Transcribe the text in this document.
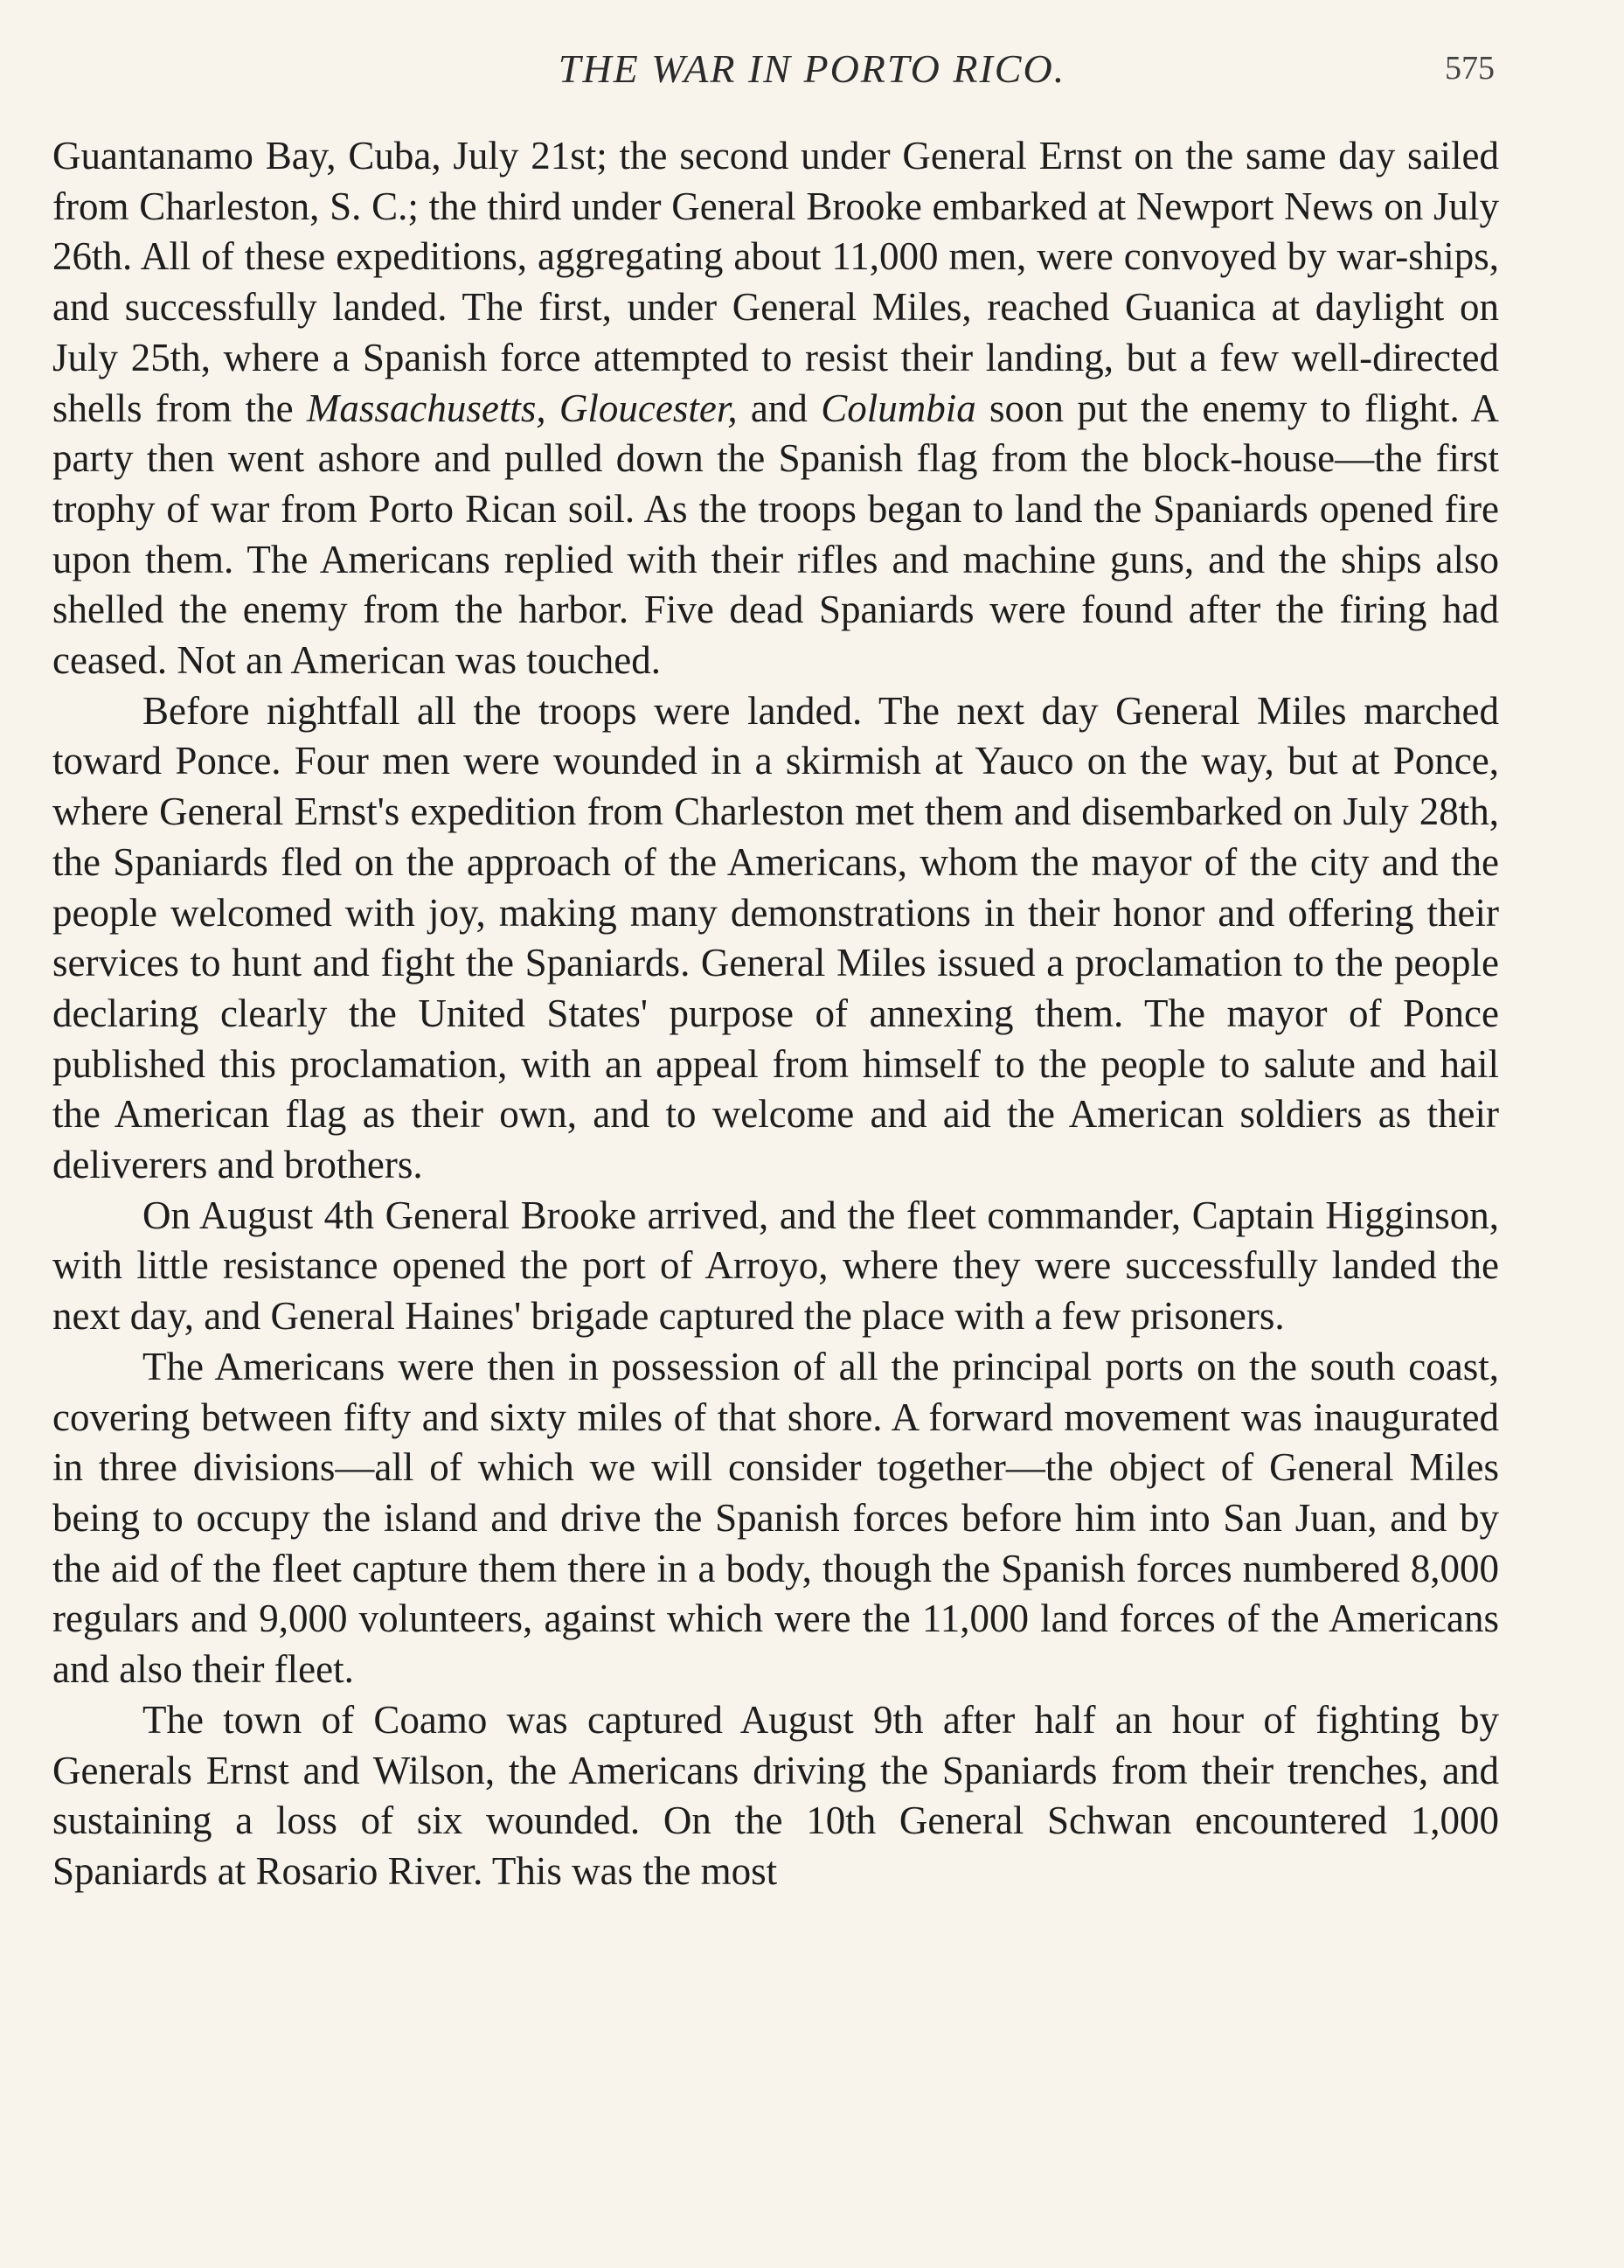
THE WAR IN PORTO RICO.	575

Guantanamo Bay, Cuba, July 21st; the second under General Ernst on the same day sailed from Charleston, S. C.; the third under General Brooke embarked at Newport News on July 26th. All of these expeditions, aggregating about 11,000 men, were convoyed by war-ships, and successfully landed. The first, under General Miles, reached Guanica at daylight on July 25th, where a Spanish force attempted to resist their landing, but a few well-directed shells from the Massachusetts, Gloucester, and Columbia soon put the enemy to flight. A party then went ashore and pulled down the Spanish flag from the block-house—the first trophy of war from Porto Rican soil. As the troops began to land the Spaniards opened fire upon them. The Americans replied with their rifles and machine guns, and the ships also shelled the enemy from the harbor. Five dead Spaniards were found after the firing had ceased. Not an American was touched.

Before nightfall all the troops were landed. The next day General Miles marched toward Ponce. Four men were wounded in a skirmish at Yauco on the way, but at Ponce, where General Ernst's expedition from Charleston met them and disembarked on July 28th, the Spaniards fled on the approach of the Americans, whom the mayor of the city and the people welcomed with joy, making many demonstrations in their honor and offering their services to hunt and fight the Spaniards. General Miles issued a proclamation to the people declaring clearly the United States' purpose of annexing them. The mayor of Ponce published this proclamation, with an appeal from himself to the people to salute and hail the American flag as their own, and to welcome and aid the American soldiers as their deliverers and brothers.

On August 4th General Brooke arrived, and the fleet commander, Captain Higginson, with little resistance opened the port of Arroyo, where they were successfully landed the next day, and General Haines' brigade captured the place with a few prisoners.

The Americans were then in possession of all the principal ports on the south coast, covering between fifty and sixty miles of that shore. A forward movement was inaugurated in three divisions—all of which we will consider together—the object of General Miles being to occupy the island and drive the Spanish forces before him into San Juan, and by the aid of the fleet capture them there in a body, though the Spanish forces numbered 8,000 regulars and 9,000 volunteers, against which were the 11,000 land forces of the Americans and also their fleet.

The town of Coamo was captured August 9th after half an hour of fighting by Generals Ernst and Wilson, the Americans driving the Spaniards from their trenches, and sustaining a loss of six wounded. On the 10th General Schwan encountered 1,000 Spaniards at Rosario River. This was the most
